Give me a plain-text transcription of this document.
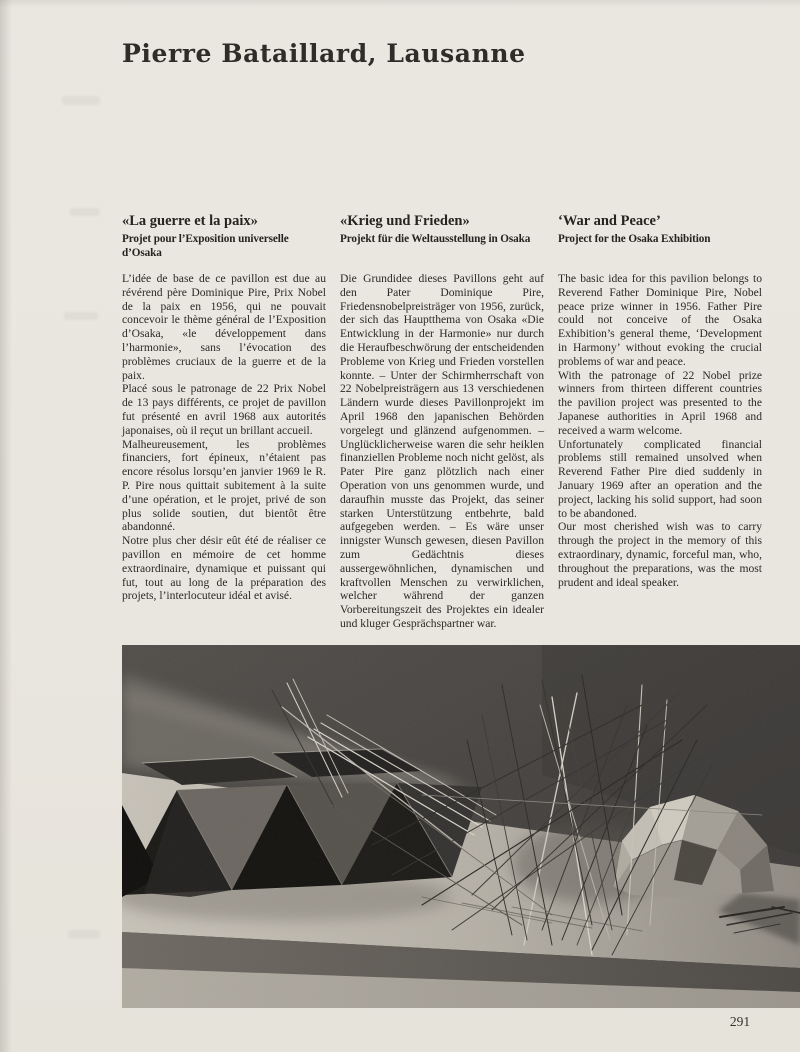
Pierre Bataillard, Lausanne
«La guerre et la paix»
Projet pour l’Exposition universelle d’Osaka

L’idée de base de ce pavillon est due au révérend père Dominique Pire, Prix Nobel de la paix en 1956, qui ne pouvait concevoir le thème général de l’Exposition d’Osaka, «le développement dans l’harmonie», sans l’évocation des problèmes cruciaux de la guerre et de la paix.

Placé sous le patronage de 22 Prix Nobel de 13 pays différents, ce projet de pavillon fut présenté en avril 1968 aux autorités japonaises, où il reçut un brillant accueil.

Malheureusement, les problèmes financiers, fort épineux, n’étaient pas encore résolus lorsqu’en janvier 1969 le R. P. Pire nous quittait subitement à la suite d’une opération, et le projet, privé de son plus solide soutien, dut bientôt être abandonné.

Notre plus cher désir eût été de réaliser ce pavillon en mémoire de cet homme extraordinaire, dynamique et puissant qui fut, tout au long de la préparation des projets, l’interlocuteur idéal et avisé.

«Krieg und Frieden»
Projekt für die Weltausstellung in Osaka

Die Grundidee dieses Pavillons geht auf den Pater Dominique Pire, Friedensnobelpreisträger von 1956, zurück, der sich das Hauptthema von Osaka «Die Entwicklung in der Harmonie» nur durch die Heraufbeschwörung der entscheidenden Probleme von Krieg und Frieden vorstellen konnte. – Unter der Schirmherrschaft von 22 Nobelpreisträgern aus 13 verschiedenen Ländern wurde dieses Pavillonprojekt im April 1968 den japanischen Behörden vorgelegt und glänzend aufgenommen. – Unglücklicherweise waren die sehr heiklen finanziellen Probleme noch nicht gelöst, als Pater Pire ganz plötzlich nach einer Operation von uns genommen wurde, und daraufhin musste das Projekt, das seiner starken Unterstützung entbehrte, bald aufgegeben werden. – Es wäre unser innigster Wunsch gewesen, diesen Pavillon zum Gedächtnis dieses aussergewöhnlichen, dynamischen und kraftvollen Menschen zu verwirklichen, welcher während der ganzen Vorbereitungszeit des Projektes ein idealer und kluger Gesprächspartner war.

‘War and Peace’
Project for the Osaka Exhibition

The basic idea for this pavilion belongs to Reverend Father Dominique Pire, Nobel peace prize winner in 1956. Father Pire could not conceive of the Osaka Exhibition’s general theme, ‘Development in Harmony’ without evoking the crucial problems of war and peace.

With the patronage of 22 Nobel prize winners from thirteen different countries the pavilion project was presented to the Japanese authorities in April 1968 and received a warm welcome.

Unfortunately complicated financial problems still remained unsolved when Reverend Father Pire died suddenly in January 1969 after an operation and the project, lacking his solid support, had soon to be abandoned.

Our most cherished wish was to carry through the project in the memory of this extraordinary, dynamic, forceful man, who, throughout the preparations, was the most prudent and ideal speaker.

291
